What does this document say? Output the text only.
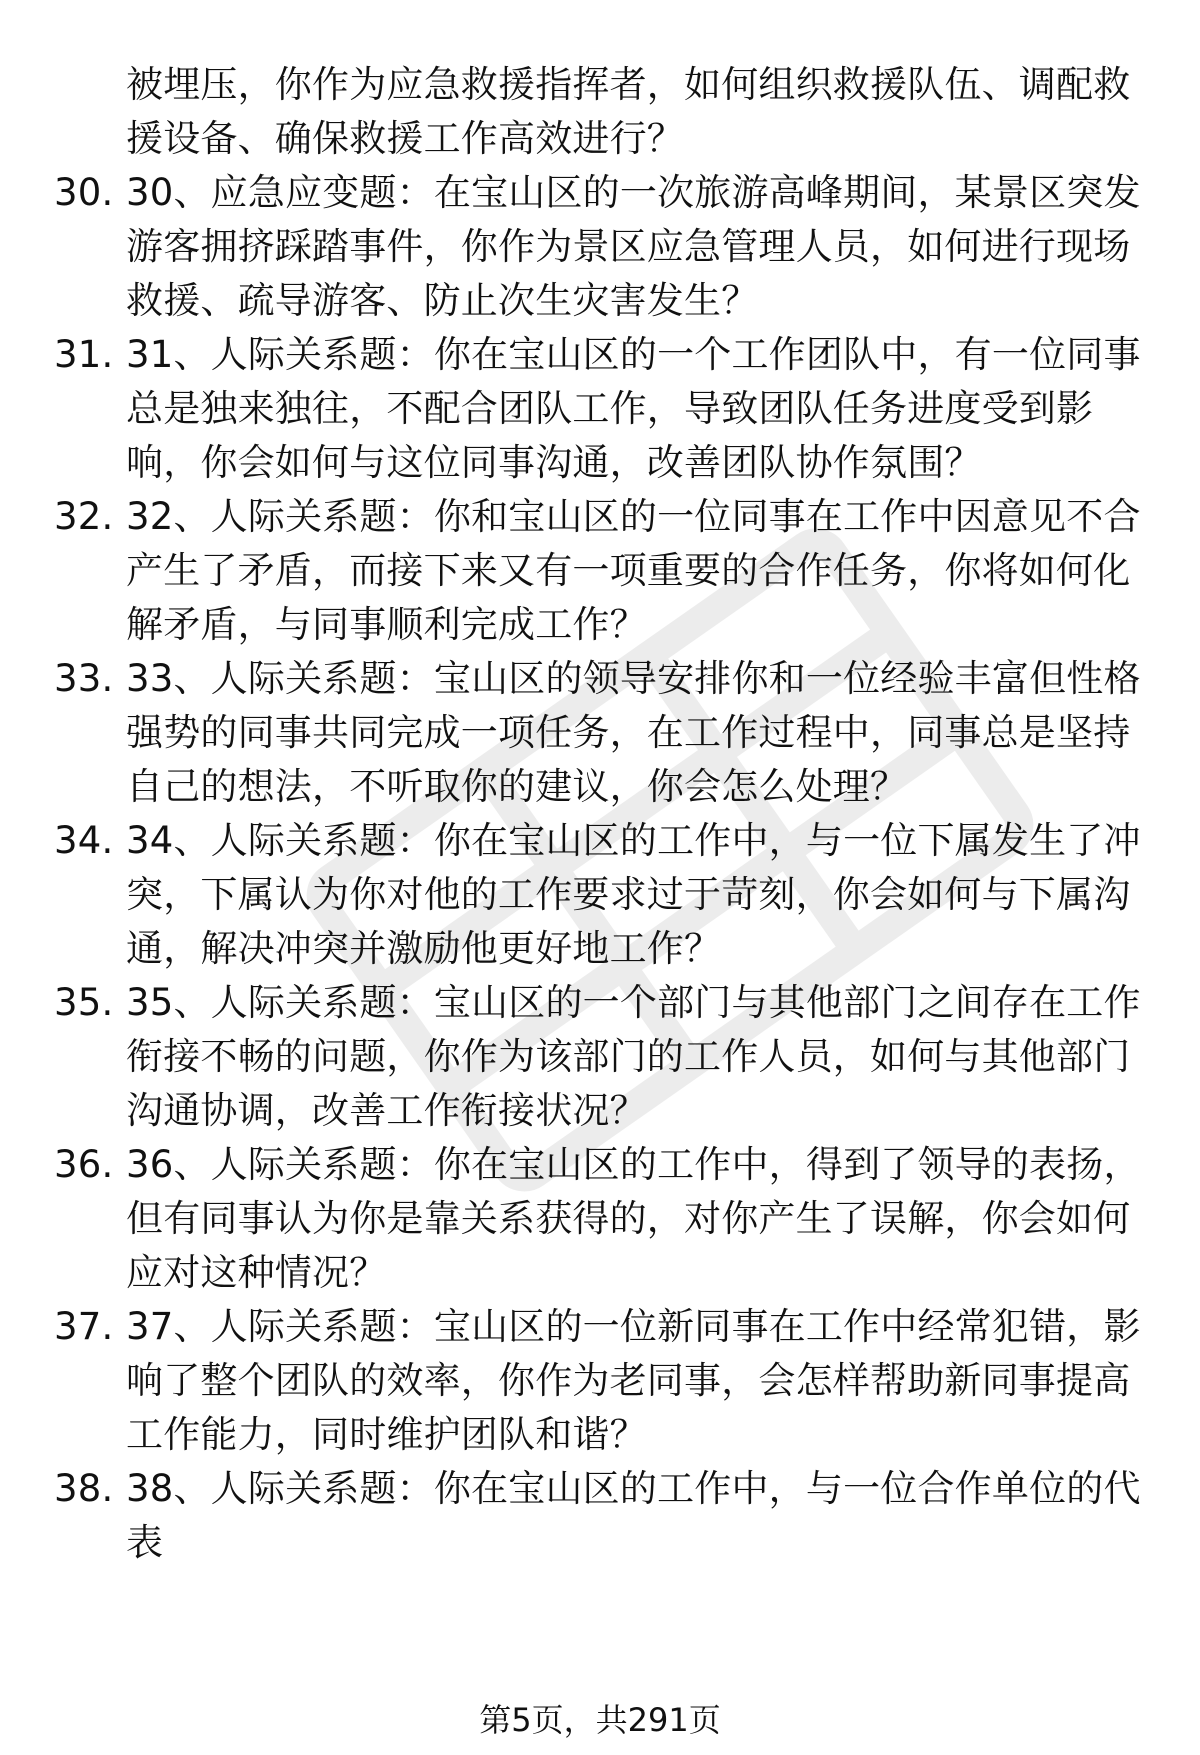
被埋压，你作为应急救援指挥者，如何组织救援队伍、调配救援设备、确保救援工作高效进行？
30. 30、应急应变题：在宝山区的一次旅游高峰期间，某景区突发游客拥挤踩踏事件，你作为景区应急管理人员，如何进行现场救援、疏导游客、防止次生灾害发生？
31. 31、人际关系题：你在宝山区的一个工作团队中，有一位同事总是独来独往，不配合团队工作，导致团队任务进度受到影响，你会如何与这位同事沟通，改善团队协作氛围？
32. 32、人际关系题：你和宝山区的一位同事在工作中因意见不合产生了矛盾，而接下来又有一项重要的合作任务，你将如何化解矛盾，与同事顺利完成工作？
33. 33、人际关系题：宝山区的领导安排你和一位经验丰富但性格强势的同事共同完成一项任务，在工作过程中，同事总是坚持自己的想法，不听取你的建议，你会怎么处理？
34. 34、人际关系题：你在宝山区的工作中，与一位下属发生了冲突，下属认为你对他的工作要求过于苛刻，你会如何与下属沟通，解决冲突并激励他更好地工作？
35. 35、人际关系题：宝山区的一个部门与其他部门之间存在工作衔接不畅的问题，你作为该部门的工作人员，如何与其他部门沟通协调，改善工作衔接状况？
36. 36、人际关系题：你在宝山区的工作中，得到了领导的表扬，但有同事认为你是靠关系获得的，对你产生了误解，你会如何应对这种情况？
37. 37、人际关系题：宝山区的一位新同事在工作中经常犯错，影响了整个团队的效率，你作为老同事，会怎样帮助新同事提高工作能力，同时维护团队和谐？
38. 38、人际关系题：你在宝山区的工作中，与一位合作单位的代表
第5页，共291页
